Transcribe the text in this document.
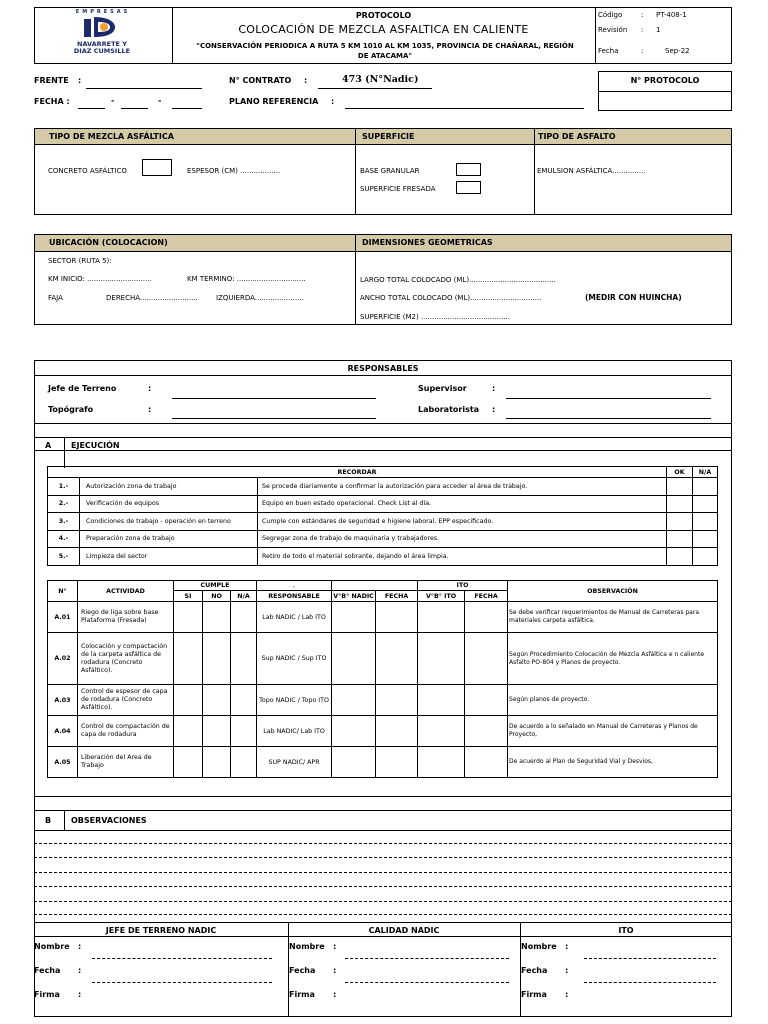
EMPRESAS
NAVARRETE Y
DIAZ CUMSILLE
PROTOCOLO
COLOCACIÓN DE MEZCLA ASFALTICA EN CALIENTE
"CONSERVACIÓN PERIODICA A RUTA 5 KM 1010 AL KM 1035, PROVINCIA DE CHAÑARAL, REGIÓN DE ATACAMA"
Código	: PT-408-1
Revisión : 1
Fecha	:	Sep-22
FRENTE :
FECHA :	-	-
N° CONTRATO :	473 (N°Nadic)
PLANO REFERENCIA :
N° PROTOCOLO
TIPO DE MEZCLA ASFÁLTICA	SUPERFICIE	TIPO DE ASFALTO
CONCRETO ASFÁLTICO	ESPESOR (CM) ..................	BASE GRANULAR
SUPERFICIE FRESADA
EMULSION ASFÁLTICA...............
UBICACIÓN (COLOCACION)	DIMENSIONES GEOMETRICAS
SECTOR (RUTA 5):
KM INICIO: .............................	KM TERMINO: ...............................
FAJA	DERECHA..........................	IZQUIERDA......................
LARGO TOTAL COLOCADO (ML).......................................
ANCHO TOTAL COLOCADO (ML)................................	(MEDIR CON HUINCHA)
SUPERFICIE (M2) ........................................
RESPONSABLES
Jefe de Terreno	:
Topógrafo	:
Supervisor	:
Laboratorista :
A EJECUCIÓN
RECORDAR			OK	N/A
1.-	Autorización zona de trabajo	Se procede diariamente a confirmar la autorización para acceder al área de trabajo.		
2.-	Verificación de equipos	Equipo en buen estado operacional. Check List al día.		
3.-	Condiciones de trabajo - operación en terreno	Cumple con estándares de seguridad e higiene laboral. EPP especificado.		
4.-	Preparación zona de trabajo	Segregar zona de trabajo de maquinaria y trabajadores.		
5.-	Limpieza del sector	Retiro de todo el material sobrante, dejando el área limpia.		
N°	ACTIVIDAD	CUMPLE			,			ITO		OBSERVACIÓN
		SI	NO	N/A	RESPONSABLE	V°B° NADIC	FECHA	V°B° ITO	FECHA	
A.01	Riego de liga sobre base Plataforma (Fresada)				Lab NADIC / Lab ITO					Se debe verificar requerimientos de Manual de Carreteras para materiales carpeta asfáltica.
A.02	Colocación y compactación de la carpeta asfáltica de rodadura (Concreto Asfáltico).				Sup NADIC / Sup ITO					Según Procedimiento Colocación de Mezcla Asfáltica e n caliente Asfalto PO-804 y Planos de proyecto.
A.03	Control de espesor de capa de rodadura (Concreto Asfáltico).				Topo NADIC / Topo ITO					Según planos de proyecto.
A.04	Control de compactación de capa de rodadura				Lab NADIC/ Lab ITO					De acuerdo a lo señalado en Manual de Carreteras y Planos de Proyecto,
A.05	Liberación del Area de Trabajo				SUP NADIC/ APR					De acuerdo al Plan de Seguridad Vial y Desvios,
B OBSERVACIONES
JEFE DE TERRENO NADIC	CALIDAD NADIC	ITO
Nombre :
Fecha :
Firma :
Nombre :
Fecha :
Firma :
Nombre :
Fecha :
Firma :
